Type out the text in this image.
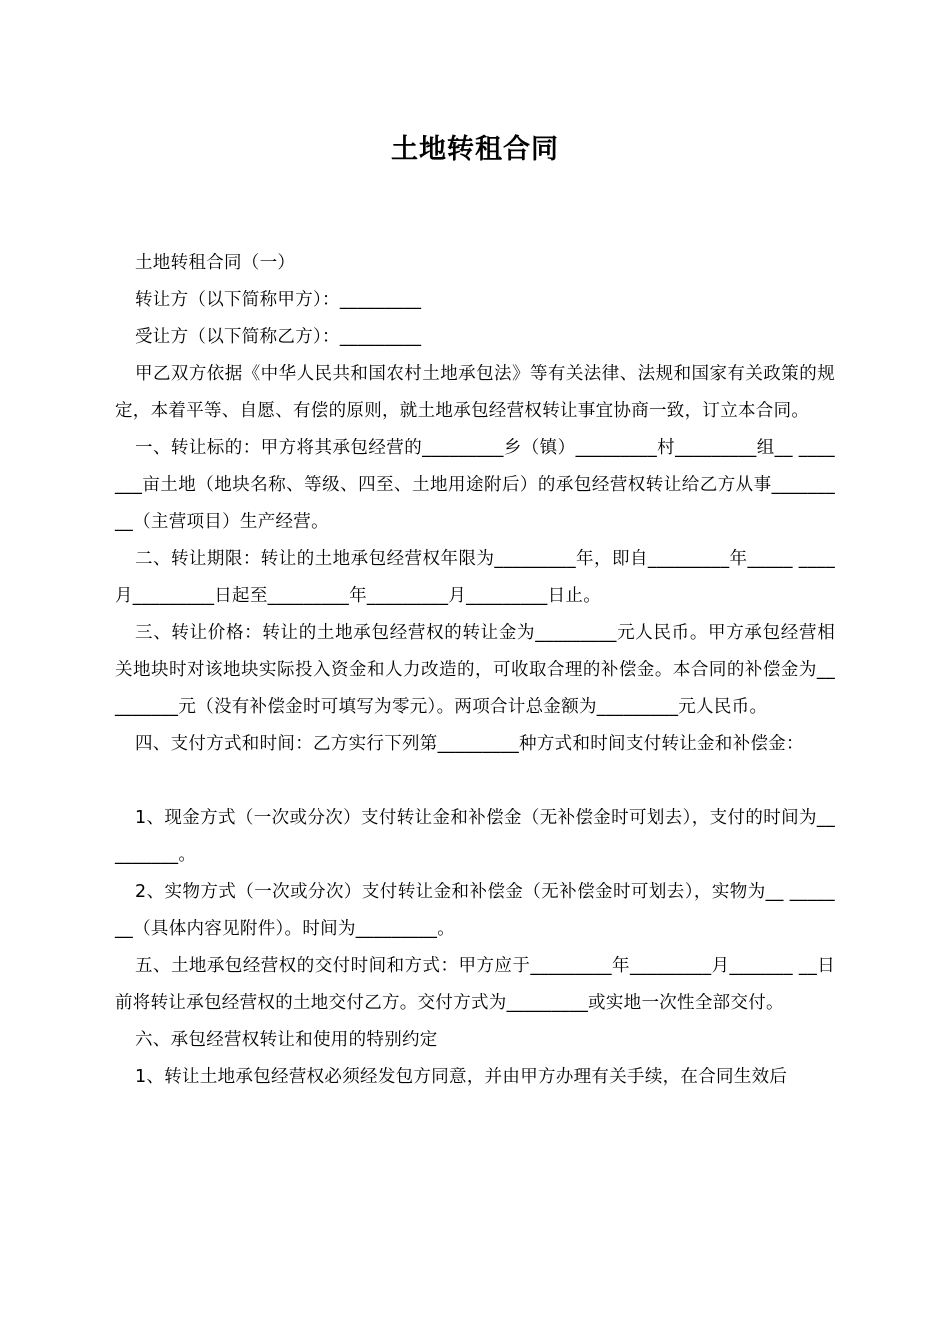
土地转租合同

土地转租合同（一）

转让方（以下简称甲方）：_________

受让方（以下简称乙方）：_________

甲乙双方依据《中华人民共和国农村土地承包法》等有关法律、法规和国家有关政策的规定，本着平等、自愿、有偿的原则，就土地承包经营权转让事宜协商一致，订立本合同。

一、转让标的：甲方将其承包经营的_________乡（镇）_________村_________组__ _______亩土地（地块名称、等级、四至、土地用途附后）的承包经营权转让给乙方从事_________（主营项目）生产经营。

二、转让期限：转让的土地承包经营权年限为_________年，即自_________年_____ ____月_________日起至_________年_________月_________日止。

三、转让价格：转让的土地承包经营权的转让金为_________元人民币。甲方承包经营相关地块时对该地块实际投入资金和人力改造的，可收取合理的补偿金。本合同的补偿金为_________元（没有补偿金时可填写为零元）。两项合计总金额为_________元人民币。

四、支付方式和时间：乙方实行下列第_________种方式和时间支付转让金和补偿金：

1、现金方式（一次或分次）支付转让金和补偿金（无补偿金时可划去），支付的时间为_________。

2、实物方式（一次或分次）支付转让金和补偿金（无补偿金时可划去），实物为__ _______（具体内容见附件）。时间为_________。

五、土地承包经营权的交付时间和方式：甲方应于_________年_________月_______ __日前将转让承包经营权的土地交付乙方。交付方式为_________或实地一次性全部交付。

六、承包经营权转让和使用的特别约定

1、转让土地承包经营权必须经发包方同意，并由甲方办理有关手续，在合同生效后
